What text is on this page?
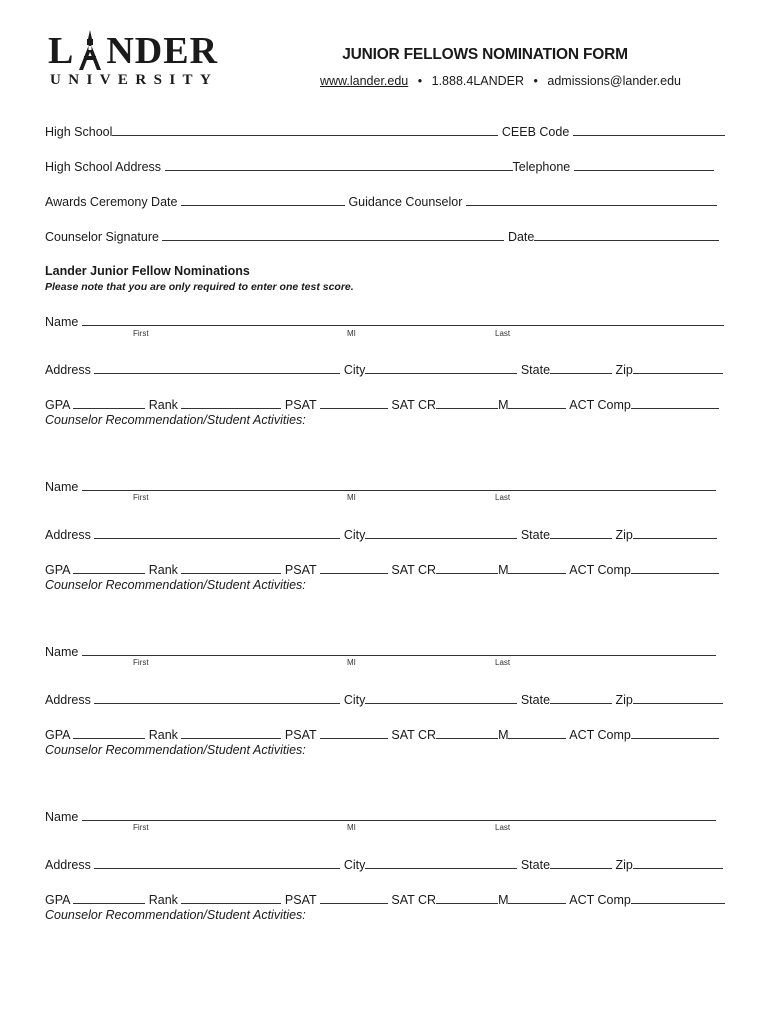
L NDER
UNIVERSITY
JUNIOR FELLOWS NOMINATION FORM
www.lander.edu • 1.888.4LANDER • admissions@lander.edu
High School	CEEB Code
High School Address	Telephone
Awards Ceremony Date	Guidance Counselor
Counselor Signature	Date
Lander Junior Fellow Nominations
Please note that you are only required to enter one test score.
Name
First	MI	Last
Address	City	State	Zip
GPA	Rank	PSAT	SAT CR	M	ACT Comp
Counselor Recommendation/Student Activities:
Name
First	MI	Last
Address	City	State	Zip
GPA	Rank	PSAT	SAT CR	M	ACT Comp
Counselor Recommendation/Student Activities:
Name
First	MI	Last
Address	City	State	Zip
GPA	Rank	PSAT	SAT CR	M	ACT Comp
Counselor Recommendation/Student Activities:
Name
First	MI	Last
Address	City	State	Zip
GPA	Rank	PSAT	SAT CR	M	ACT Comp
Counselor Recommendation/Student Activities:
